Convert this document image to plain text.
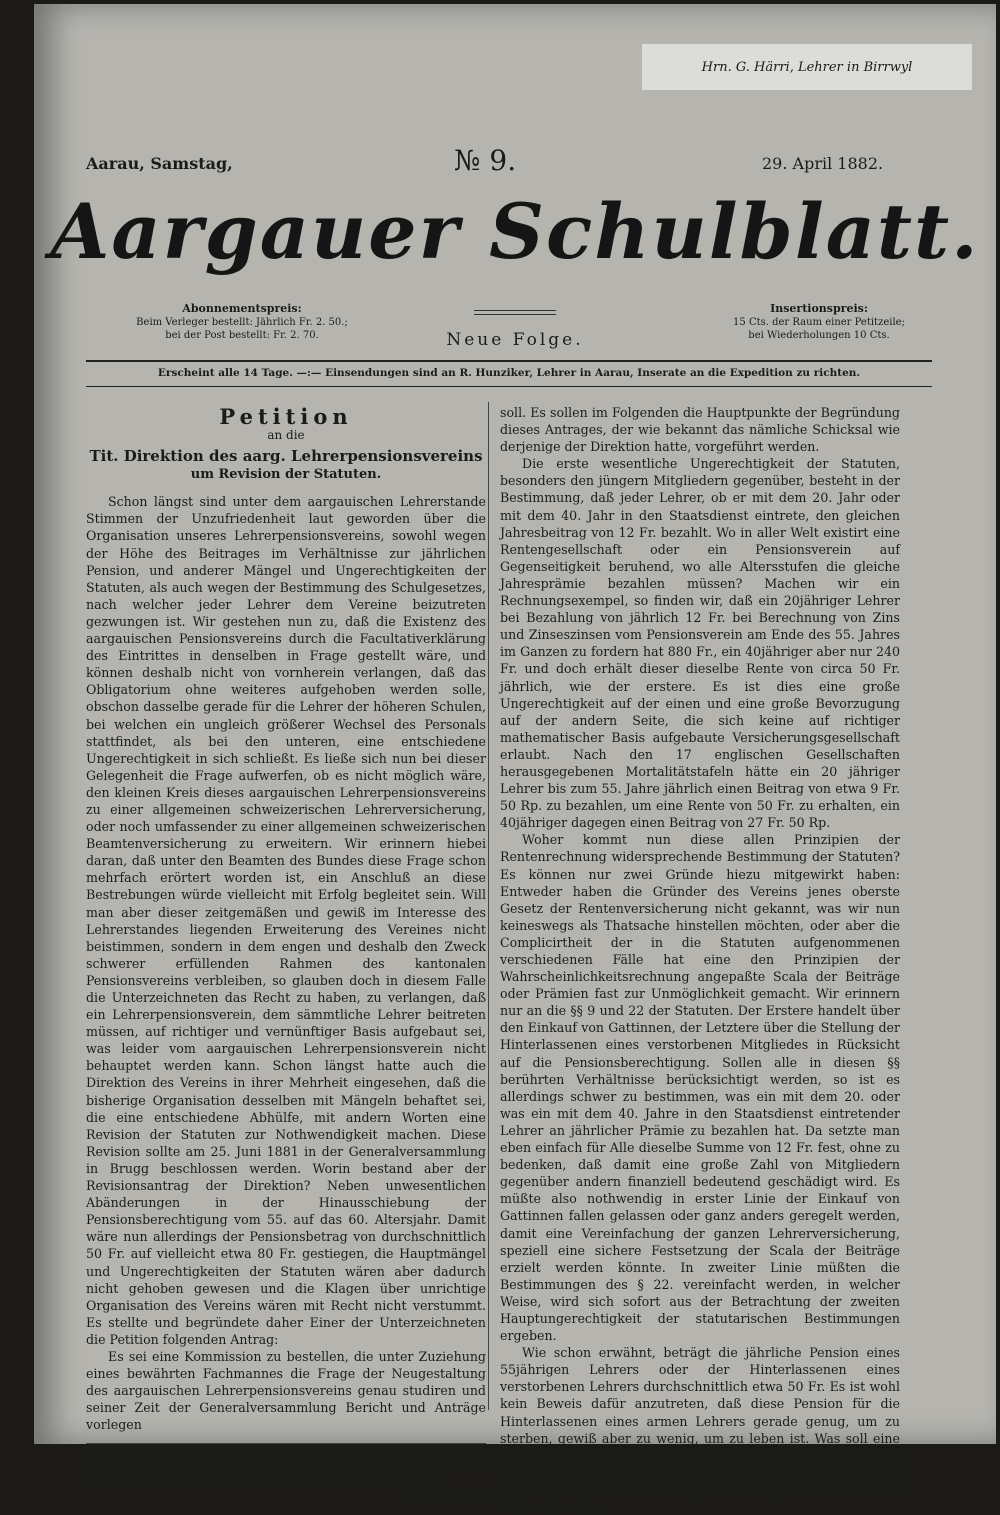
Hrn. G. Härri, Lehrer in Birrwyl
Aarau, Samstag,	№ 9.	29. April 1882.
Aargauer Schulblatt.
Abonnementspreis:
Beim Verleger bestellt: Jährlich Fr. 2. 50.;
bei der Post bestellt: Fr. 2. 70.	Neue Folge.
Insertionspreis:
15 Cts. der Raum einer Petitzeile;
bei Wiederholungen 10 Cts.
Erscheint alle 14 Tage. —:— Einsendungen sind an R. Hunziker, Lehrer in Aarau, Inserate an die Expedition zu richten.
Petition
an die
Tit. Direktion des aarg. Lehrerpensionsvereins
um Revision der Statuten.

Schon längst sind unter dem aargauischen Lehrerstande Stimmen der Unzufriedenheit laut geworden über die Organisation unseres Lehrerpensionsvereins, sowohl wegen der Höhe des Beitrages im Verhältnisse zur jährlichen Pension, und anderer Mängel und Ungerechtigkeiten der Statuten, als auch wegen der Bestimmung des Schulgesetzes, nach welcher jeder Lehrer dem Vereine beizutreten gezwungen ist. Wir gestehen nun zu, daß die Existenz des aargauischen Pensionsvereins durch die Facultativerklärung des Eintrittes in denselben in Frage gestellt wäre, und können deshalb nicht von vornherein verlangen, daß das Obligatorium ohne weiteres aufgehoben werden solle, obschon dasselbe gerade für die Lehrer der höheren Schulen, bei welchen ein ungleich größerer Wechsel des Personals stattfindet, als bei den unteren, eine entschiedene Ungerechtigkeit in sich schließt. Es ließe sich nun bei dieser Gelegenheit die Frage aufwerfen, ob es nicht möglich wäre, den kleinen Kreis dieses aargauischen Lehrerpensionsvereins zu einer allgemeinen schweizerischen Lehrerversicherung, oder noch umfassender zu einer allgemeinen schweizerischen Beamtenversicherung zu erweitern. Wir erinnern hiebei daran, daß unter den Beamten des Bundes diese Frage schon mehrfach erörtert worden ist, ein Anschluß an diese Bestrebungen würde vielleicht mit Erfolg begleitet sein. Will man aber dieser zeitgemäßen und gewiß im Interesse des Lehrerstandes liegenden Erweiterung des Vereines nicht beistimmen, sondern in dem engen und deshalb den Zweck schwerer erfüllenden Rahmen des kantonalen Pensionsvereins verbleiben, so glauben doch in diesem Falle die Unterzeichneten das Recht zu haben, zu verlangen, daß ein Lehrerpensionsverein, dem sämmtliche Lehrer beitreten müssen, auf richtiger und vernünftiger Basis aufgebaut sei, was leider vom aargauischen Lehrerpensionsverein nicht behauptet werden kann. Schon längst hatte auch die Direktion des Vereins in ihrer Mehrheit eingesehen, daß die bisherige Organisation desselben mit Mängeln behaftet sei, die eine entschiedene Abhülfe, mit andern Worten eine Revision der Statuten zur Nothwendigkeit machen. Diese Revision sollte am 25. Juni 1881 in der Generalversammlung in Brugg beschlossen werden. Worin bestand aber der Revisionsantrag der Direktion? Neben unwesentlichen Abänderungen in der Hinausschiebung der Pensionsberechtigung vom 55. auf das 60. Altersjahr. Damit wäre nun allerdings der Pensionsbetrag von durchschnittlich 50 Fr. auf vielleicht etwa 80 Fr. gestiegen, die Hauptmängel und Ungerechtigkeiten der Statuten wären aber dadurch nicht gehoben gewesen und die Klagen über unrichtige Organisation des Vereins wären mit Recht nicht verstummt. Es stellte und begründete daher Einer der Unterzeichneten die Petition folgenden Antrag:

Es sei eine Kommission zu bestellen, die unter Zuziehung eines bewährten Fachmannes die Frage der Neugestaltung des aargauischen Lehrerpensionsvereins genau studiren und seiner Zeit der Generalversammlung Bericht und Anträge vorlegen

Anmerkung. Obschon diese Petition einem Theil unserer Leser bekannt sein wird, nehmen wir sie in's Schulblatt auf, weil bereits eine Erwiderung auf dieselbe vorliegt, die wir in nächster Nummer bringen werden.
Die Redaktion.

soll. Es sollen im Folgenden die Hauptpunkte der Begründung dieses Antrages, der wie bekannt das nämliche Schicksal wie derjenige der Direktion hatte, vorgeführt werden.

Die erste wesentliche Ungerechtigkeit der Statuten, besonders den jüngern Mitgliedern gegenüber, besteht in der Bestimmung, daß jeder Lehrer, ob er mit dem 20. Jahr oder mit dem 40. Jahr in den Staatsdienst eintrete, den gleichen Jahresbeitrag von 12 Fr. bezahlt. Wo in aller Welt existirt eine Rentengesellschaft oder ein Pensionsverein auf Gegenseitigkeit beruhend, wo alle Altersstufen die gleiche Jahresprämie bezahlen müssen? Machen wir ein Rechnungsexempel, so finden wir, daß ein 20jähriger Lehrer bei Bezahlung von jährlich 12 Fr. bei Berechnung von Zins und Zinseszinsen vom Pensionsverein am Ende des 55. Jahres im Ganzen zu fordern hat 880 Fr., ein 40jähriger aber nur 240 Fr. und doch erhält dieser dieselbe Rente von circa 50 Fr. jährlich, wie der erstere. Es ist dies eine große Ungerechtigkeit auf der einen und eine große Bevorzugung auf der andern Seite, die sich keine auf richtiger mathematischer Basis aufgebaute Versicherungsgesellschaft erlaubt. Nach den 17 englischen Gesellschaften herausgegebenen Mortalitätstafeln hätte ein 20 jähriger Lehrer bis zum 55. Jahre jährlich einen Beitrag von etwa 9 Fr. 50 Rp. zu bezahlen, um eine Rente von 50 Fr. zu erhalten, ein 40jähriger dagegen einen Beitrag von 27 Fr. 50 Rp.

Woher kommt nun diese allen Prinzipien der Rentenrechnung widersprechende Bestimmung der Statuten? Es können nur zwei Gründe hiezu mitgewirkt haben: Entweder haben die Gründer des Vereins jenes oberste Gesetz der Rentenversicherung nicht gekannt, was wir nun keineswegs als Thatsache hinstellen möchten, oder aber die Complicirtheit der in die Statuten aufgenommenen verschiedenen Fälle hat eine den Prinzipien der Wahrscheinlichkeitsrechnung angepaßte Scala der Beiträge oder Prämien fast zur Unmöglichkeit gemacht. Wir erinnern nur an die §§ 9 und 22 der Statuten. Der Erstere handelt über den Einkauf von Gattinnen, der Letztere über die Stellung der Hinterlassenen eines verstorbenen Mitgliedes in Rücksicht auf die Pensionsberechtigung. Sollen alle in diesen §§ berührten Verhältnisse berücksichtigt werden, so ist es allerdings schwer zu bestimmen, was ein mit dem 20. oder was ein mit dem 40. Jahre in den Staatsdienst eintretender Lehrer an jährlicher Prämie zu bezahlen hat. Da setzte man eben einfach für Alle dieselbe Summe von 12 Fr. fest, ohne zu bedenken, daß damit eine große Zahl von Mitgliedern gegenüber andern finanziell bedeutend geschädigt wird. Es müßte also nothwendig in erster Linie der Einkauf von Gattinnen fallen gelassen oder ganz anders geregelt werden, damit eine Vereinfachung der ganzen Lehrerversicherung, speziell eine sichere Festsetzung der Scala der Beiträge erzielt werden könnte. In zweiter Linie müßten die Bestimmungen des § 22. vereinfacht werden, in welcher Weise, wird sich sofort aus der Betrachtung der zweiten Hauptungerechtigkeit der statutarischen Bestimmungen ergeben.

Wie schon erwähnt, beträgt die jährliche Pension eines 55jährigen Lehrers oder der Hinterlassenen eines verstorbenen Lehrers durchschnittlich etwa 50 Fr. Es ist wohl kein Beweis dafür anzutreten, daß diese Pension für die Hinterlassenen eines armen Lehrers gerade genug, um zu sterben, gewiß aber zu wenig, um zu leben ist. Was soll eine Wittwe mit 4—6 Kindern, ja nur mit zweien oder einem, mit einer Pension von 50 Fr. anfangen? Und daß unsere Lehrer in der Regel ohne Hinterlassung von Vermögen sterben, dafür ist genügend ge-
